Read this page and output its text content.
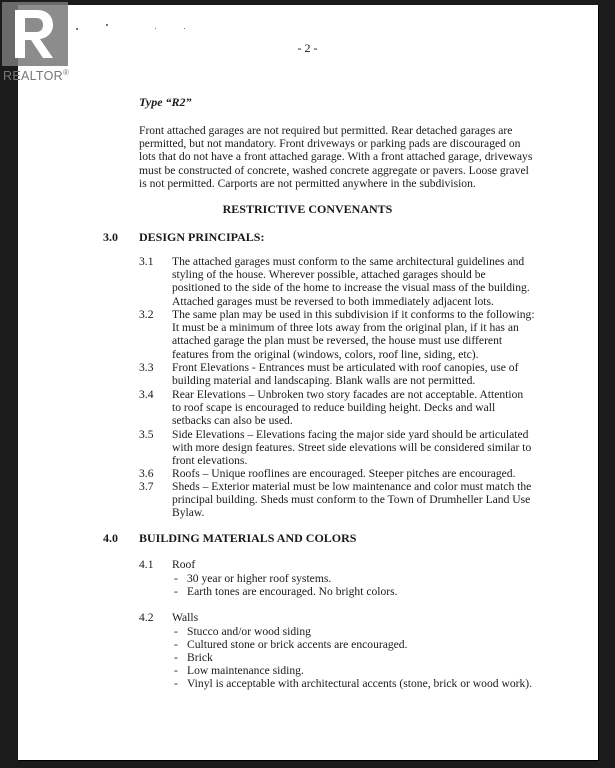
REALTOR®
- 2 -
Type “R2”
Front attached garages are not required but permitted. Rear detached garages are
permitted, but not mandatory. Front driveways or parking pads are discouraged on
lots that do not have a front attached garage. With a front attached garage, driveways
must be constructed of concrete, washed concrete aggregate or pavers. Loose gravel
is not permitted. Carports are not permitted anywhere in the subdivision.
RESTRICTIVE CONVENANTS
3.0 DESIGN PRINCIPALS:
3.1 The attached garages must conform to the same architectural guidelines and
styling of the house. Wherever possible, attached garages should be
positioned to the side of the home to increase the visual mass of the building.
Attached garages must be reversed to both immediately adjacent lots.
3.2 The same plan may be used in this subdivision if it conforms to the following:
It must be a minimum of three lots away from the original plan, if it has an
attached garage the plan must be reversed, the house must use different
features from the original (windows, colors, roof line, siding, etc).
3.3 Front Elevations - Entrances must be articulated with roof canopies, use of
building material and landscaping. Blank walls are not permitted.
3.4 Rear Elevations – Unbroken two story facades are not acceptable. Attention
to roof scape is encouraged to reduce building height. Decks and wall
setbacks can also be used.
3.5 Side Elevations – Elevations facing the major side yard should be articulated
with more design features. Street side elevations will be considered similar to
front elevations.
3.6 Roofs – Unique rooflines are encouraged. Steeper pitches are encouraged.
3.7 Sheds – Exterior material must be low maintenance and color must match the
principal building. Sheds must conform to the Town of Drumheller Land Use
Bylaw.
4.0 BUILDING MATERIALS AND COLORS
4.1 Roof
- 30 year or higher roof systems.
- Earth tones are encouraged. No bright colors.
4.2 Walls
- Stucco and/or wood siding
- Cultured stone or brick accents are encouraged.
- Brick
- Low maintenance siding.
- Vinyl is acceptable with architectural accents (stone, brick or wood work).
